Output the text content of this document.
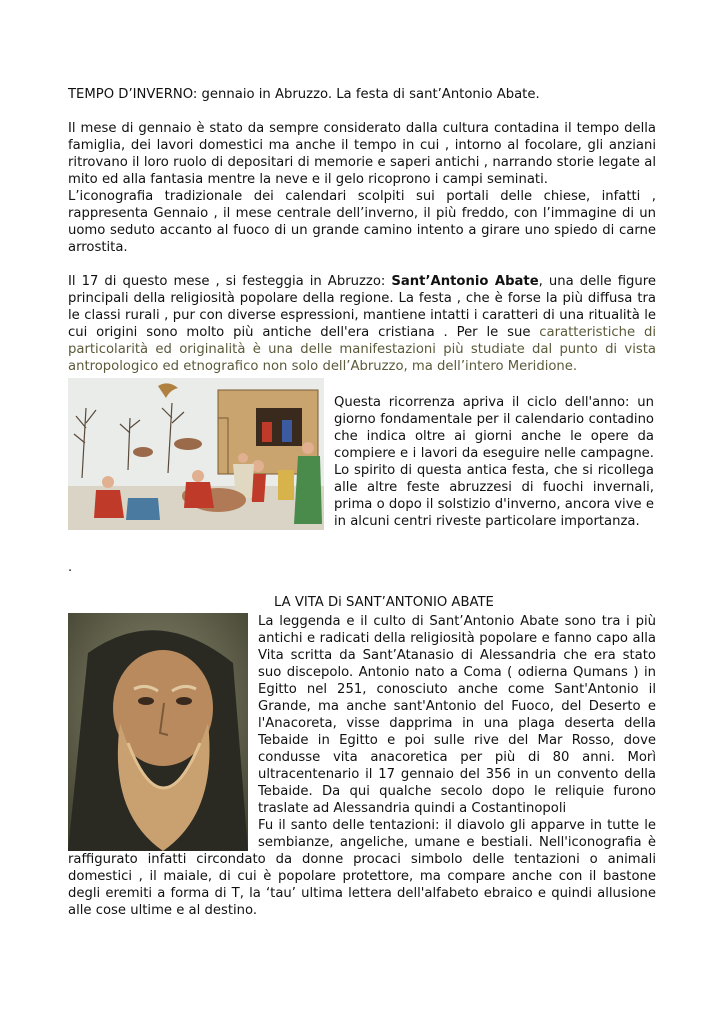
TEMPO D’INVERNO: gennaio in Abruzzo. La festa di sant’Antonio Abate.

Il mese di gennaio è stato da sempre considerato dalla cultura contadina il tempo della famiglia, dei lavori domestici ma anche il tempo in cui , intorno al focolare, gli anziani ritrovano il loro ruolo di depositari di memorie e saperi antichi , narrando storie legate al mito ed alla fantasia mentre la neve e il gelo ricoprono i campi seminati.

L’iconografia tradizionale dei calendari scolpiti sui portali delle chiese, infatti , rappresenta Gennaio , il mese centrale dell’inverno, il più freddo, con l’immagine di un uomo seduto accanto al fuoco di un grande camino intento a girare uno spiedo di carne arrostita.

Il 17 di questo mese , si festeggia in Abruzzo: Sant’Antonio Abate, una delle figure principali della religiosità popolare della regione. La festa , che è forse la più diffusa tra le classi rurali , pur con diverse espressioni, mantiene intatti i caratteri di una ritualità le cui origini sono molto più antiche dell'era cristiana . Per le sue caratteristiche di particolarità ed originalità è una delle manifestazioni più studiate dal punto di vista antropologico ed etnografico non solo dell’Abruzzo, ma dell’intero Meridione.

Questa ricorrenza apriva il ciclo dell'anno: un giorno fondamentale per il calendario contadino che indica oltre ai giorni anche le opere da compiere e i lavori da eseguire nelle campagne. Lo spirito di questa antica festa, che si ricollega alle altre feste abruzzesi di fuochi invernali, prima o dopo il solstizio d'inverno, ancora vive e in alcuni centri riveste particolare importanza.

.
LA VITA Di SANT’ANTONIO ABATE

La leggenda e il culto di Sant’Antonio Abate sono tra i più antichi e radicati della religiosità popolare e fanno capo alla Vita scritta da Sant’Atanasio di Alessandria che era stato suo discepolo. Antonio nato a Coma ( odierna Qumans ) in Egitto nel 251, conosciuto anche come Sant'Antonio il Grande, ma anche sant'Antonio del Fuoco, del Deserto e l'Anacoreta, visse dapprima in una plaga deserta della Tebaide in Egitto e poi sulle rive del Mar Rosso, dove condusse vita anacoretica per più di 80 anni. Morì ultracentenario il 17 gennaio del 356 in un convento della Tebaide. Da qui qualche secolo dopo le reliquie furono traslate ad Alessandria quindi a Costantinopoli

Fu il santo delle tentazioni: il diavolo gli apparve in tutte le sembianze, angeliche, umane e bestiali. Nell'iconografia è raffigurato infatti circondato da donne procaci simbolo delle tentazioni o animali domestici , il maiale, di cui è popolare protettore, ma compare anche con il bastone degli eremiti a forma di T, la ‘tau’ ultima lettera dell'alfabeto ebraico e quindi allusione alle cose ultime e al destino.
